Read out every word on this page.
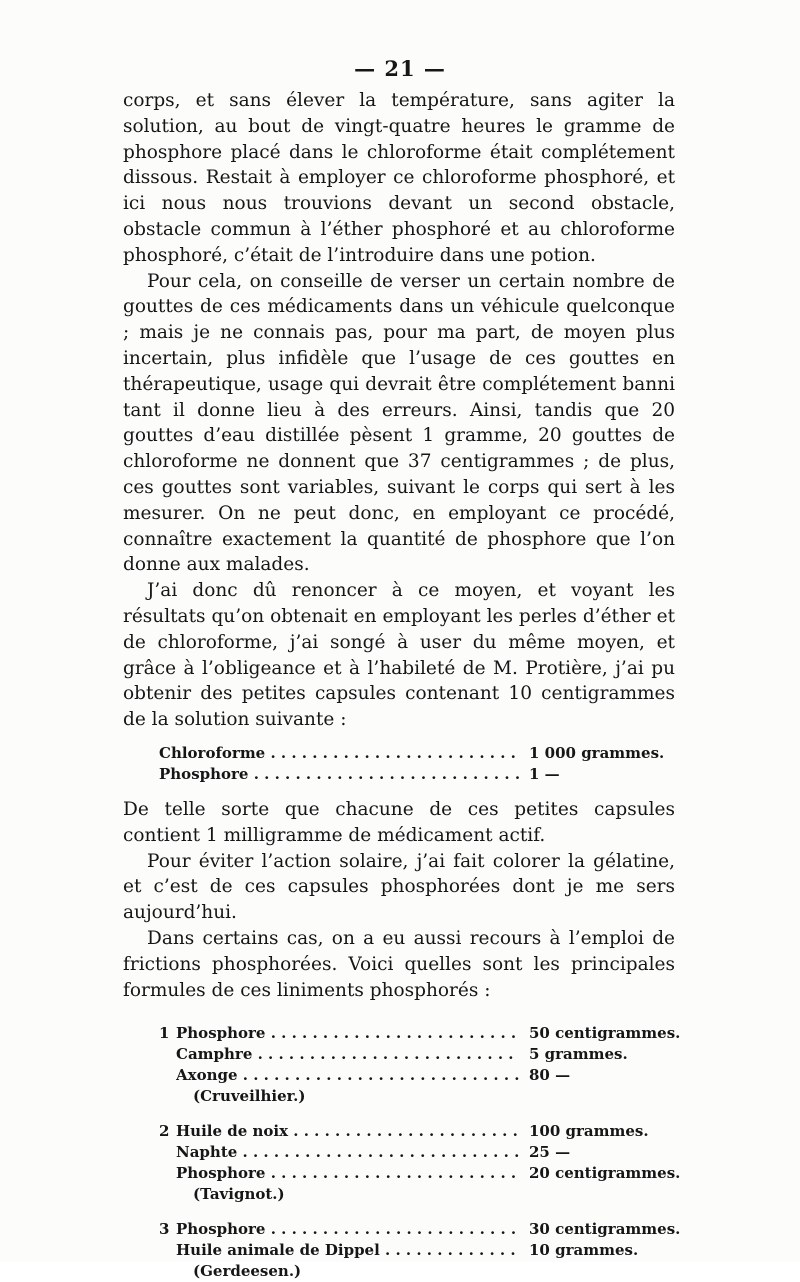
— 21 —

corps, et sans élever la température, sans agiter la solution, au bout de vingt-quatre heures le gramme de phosphore placé dans le chloroforme était complétement dissous. Restait à employer ce chloroforme phosphoré, et ici nous nous trouvions devant un second obstacle, obstacle commun à l’éther phosphoré et au chloroforme phosphoré, c’était de l’introduire dans une potion.

Pour cela, on conseille de verser un certain nombre de gouttes de ces médicaments dans un véhicule quelconque ; mais je ne connais pas, pour ma part, de moyen plus incertain, plus infidèle que l’usage de ces gouttes en thérapeutique, usage qui devrait être complétement banni tant il donne lieu à des erreurs. Ainsi, tandis que 20 gouttes d’eau distillée pèsent 1 gramme, 20 gouttes de chloroforme ne donnent que 37 centigrammes ; de plus, ces gouttes sont variables, suivant le corps qui sert à les mesurer. On ne peut donc, en employant ce procédé, connaître exactement la quantité de phosphore que l’on donne aux malades.

J’ai donc dû renoncer à ce moyen, et voyant les résultats qu’on obtenait en employant les perles d’éther et de chloroforme, j’ai songé à user du même moyen, et grâce à l’obligeance et à l’habileté de M. Protière, j’ai pu obtenir des petites capsules contenant 10 centigrammes de la solution suivante :

Chloroforme . . .	1 000 grammes.
Phosphore . . .	1 —

De telle sorte que chacune de ces petites capsules contient 1 milligramme de médicament actif.

Pour éviter l’action solaire, j’ai fait colorer la gélatine, et c’est de ces capsules phosphorées dont je me sers aujourd’hui.

Dans certains cas, on a eu aussi recours à l’emploi de frictions phosphorées. Voici quelles sont les principales formules de ces liniments phosphorés :

1 Phosphore . . .	50 centigrammes.
Camphre . . .	5 grammes.
Axonge . . .	80 —
(Cruveilhier.)
2 Huile de noix . . .	100 grammes.
Naphte . . .	25 —
Phosphore . . .	20 centigrammes.
(Tavignot.)
3 Phosphore . . .	30 centigrammes.
Huile animale de Dippel . . .	10 grammes.
(Gerdeesen.)
